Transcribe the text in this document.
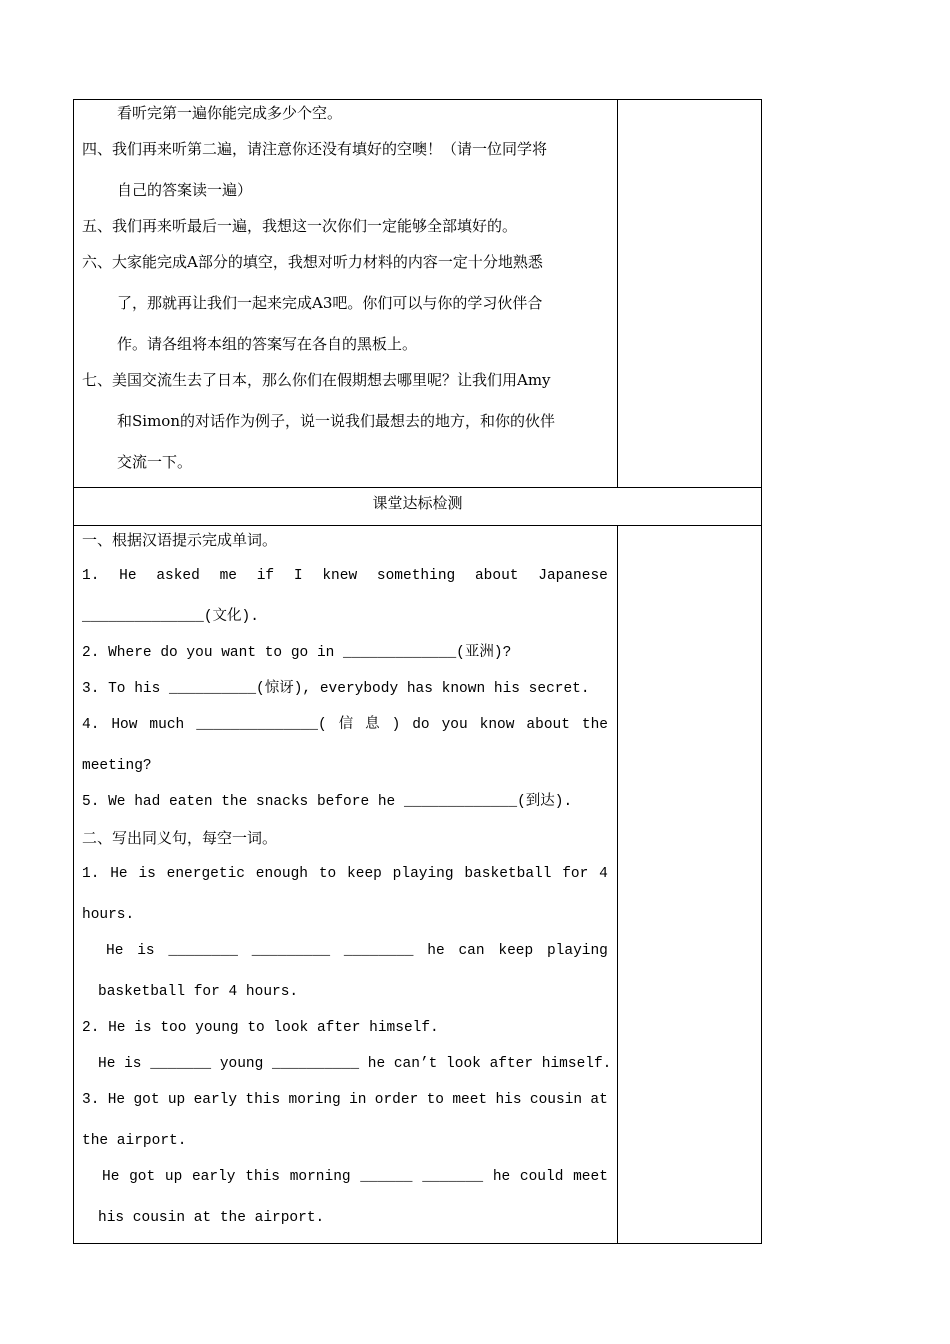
看听完第一遍你能完成多少个空。
四、我们再来听第二遍，请注意你还没有填好的空噢！（请一位同学将
自己的答案读一遍）
五、我们再来听最后一遍，我想这一次你们一定能够全部填好的。
六、大家能完成A部分的填空，我想对听力材料的内容一定十分地熟悉
了，那就再让我们一起来完成A3吧。你们可以与你的学习伙伴合
作。请各组将本组的答案写在各自的黑板上。
七、美国交流生去了日本，那么你们在假期想去哪里呢？让我们用Amy
和Simon的对话作为例子，说一说我们最想去的地方，和你的伙伴
交流一下。
课堂达标检测
一、根据汉语提示完成单词。
1. He asked me if I knew something about Japanese
______________(文化).
2. Where do you want to go in _____________(亚洲)?
3. To his __________(惊讶), everybody has known his secret.
4. How much ______________( 信 息 ) do you know about the
meeting?
5. We had eaten the snacks before he _____________(到达).
二、写出同义句，每空一词。
1. He is energetic enough to keep playing basketball for 4
hours.
He is ________ _________ ________ he can keep playing
basketball for 4 hours.
2. He is too young to look after himself.
He is _______ young __________ he can’t look after himself.
3. He got up early this moring in order to meet his cousin at
the airport.
He got up early this morning ______ _______ he could meet
his cousin at the airport.
